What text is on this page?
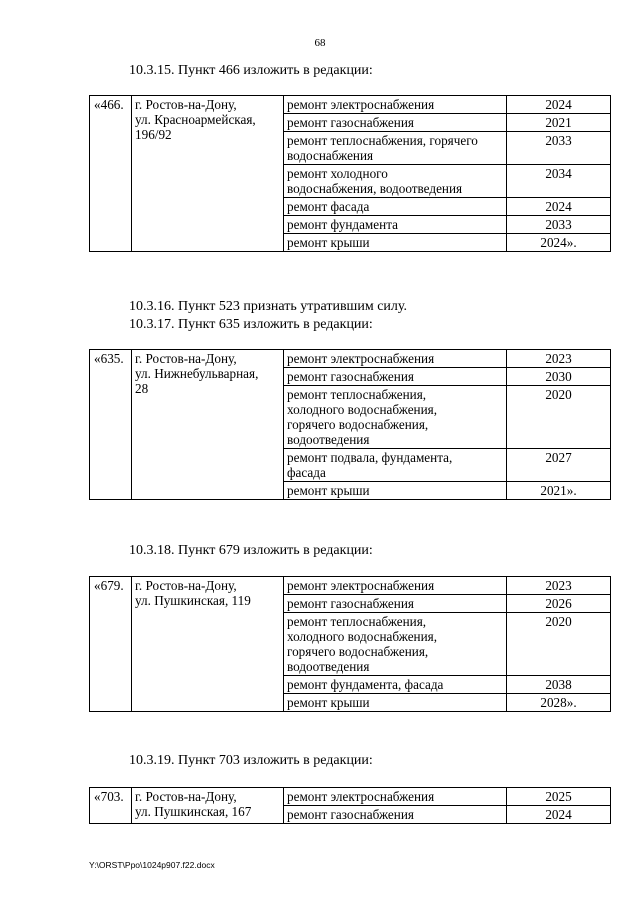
68
10.3.15. Пункт 466 изложить в редакции:
«466.	г. Ростов-на-Дону,
ул. Красноармейская,
196/92	ремонт электроснабжения	2024

		ремонт газоснабжения	2021

		ремонт теплоснабжения, горячего
водоснабжения	2033

		ремонт холодного
водоснабжения, водоотведения	2034

		ремонт фасада	2024

		ремонт фундамента	2033

		ремонт крыши	2024».
10.3.16. Пункт 523 признать утратившим силу.
10.3.17. Пункт 635 изложить в редакции:
«635.	г. Ростов-на-Дону,
ул. Нижнебульварная,
28	ремонт электроснабжения	2023

		ремонт газоснабжения	2030

		ремонт теплоснабжения,
холодного водоснабжения,
горячего водоснабжения,
водоотведения	2020

		ремонт подвала, фундамента,
фасада	2027

		ремонт крыши	2021».
10.3.18. Пункт 679 изложить в редакции:
«679.	г. Ростов-на-Дону,
ул. Пушкинская, 119	ремонт электроснабжения	2023

		ремонт газоснабжения	2026

		ремонт теплоснабжения,
холодного водоснабжения,
горячего водоснабжения,
водоотведения	2020

		ремонт фундамента, фасада	2038

		ремонт крыши	2028».
10.3.19. Пункт 703 изложить в редакции:
«703.	г. Ростов-на-Дону,
ул. Пушкинская, 167	ремонт электроснабжения	2025

		ремонт газоснабжения	2024
Y:\ORST\Ppo\1024p907.f22.docx
